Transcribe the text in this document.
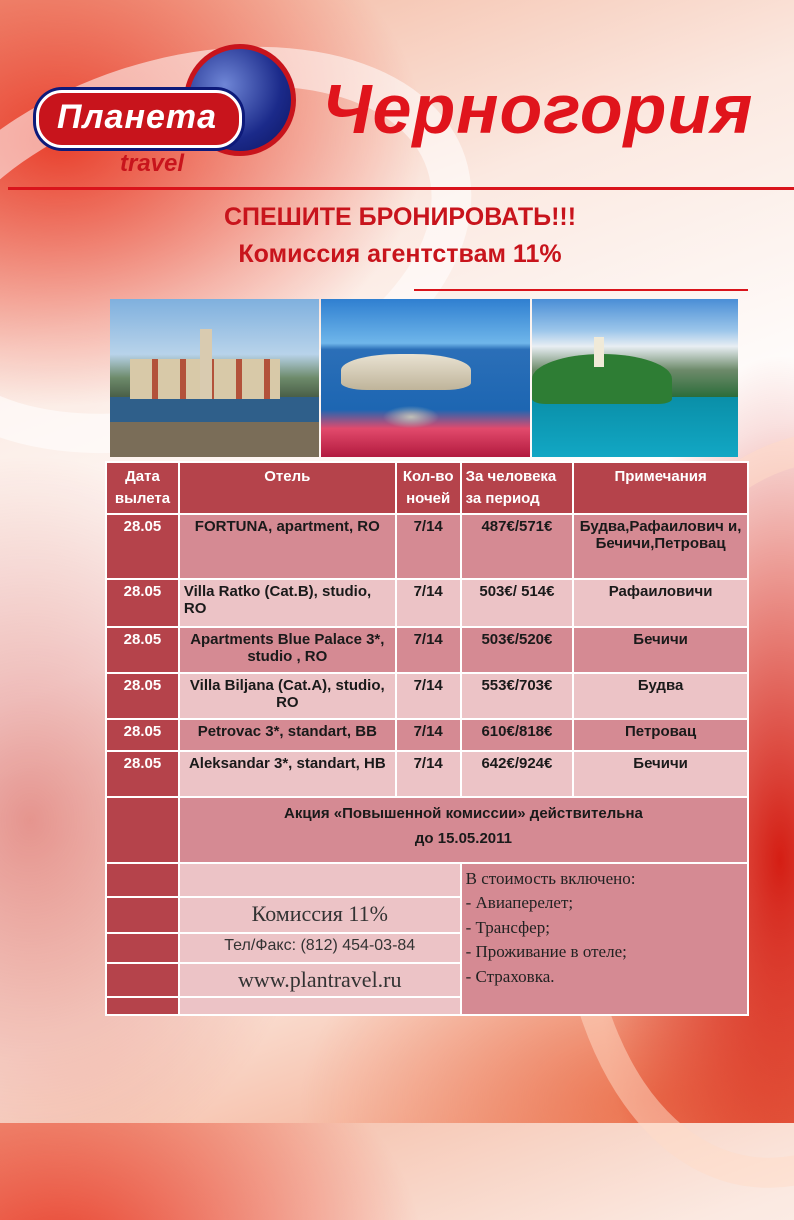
Планета
travel
Черногория
СПЕШИТЕ БРОНИРОВАТЬ!!!
Комиссия агентствам 11%
Дата вылета	Отель	Кол-во ночей	За человека за период	Примечания
28.05	FORTUNA, apartment, RO	7/14	487€/571€	Будва,Рафаилович и, Бечичи,Петровац
28.05	Villa Ratko (Cat.B), studio, RO	7/14	503€/ 514€	Рафаиловичи
28.05	Apartments Blue Palace 3*, studio , RO	7/14	503€/520€	Бечичи
28.05	Villa Biljana (Cat.A), studio, RO	7/14	553€/703€	Будва
28.05	Petrovac 3*, standart, BB	7/14	610€/818€	Петровац
28.05	Aleksandar 3*, standart, HB	7/14	642€/924€	Бечичи

	Акция «Повышенной комиссии» действительна
до 15.05.2011			

			В стоимость включено:
- Авиаперелет;
- Трансфер;
- Проживание в отеле;
- Страховка.	

	Комиссия 11%			
	Тел/Факс: (812) 454-03-84			
	www.plantravel.ru			
